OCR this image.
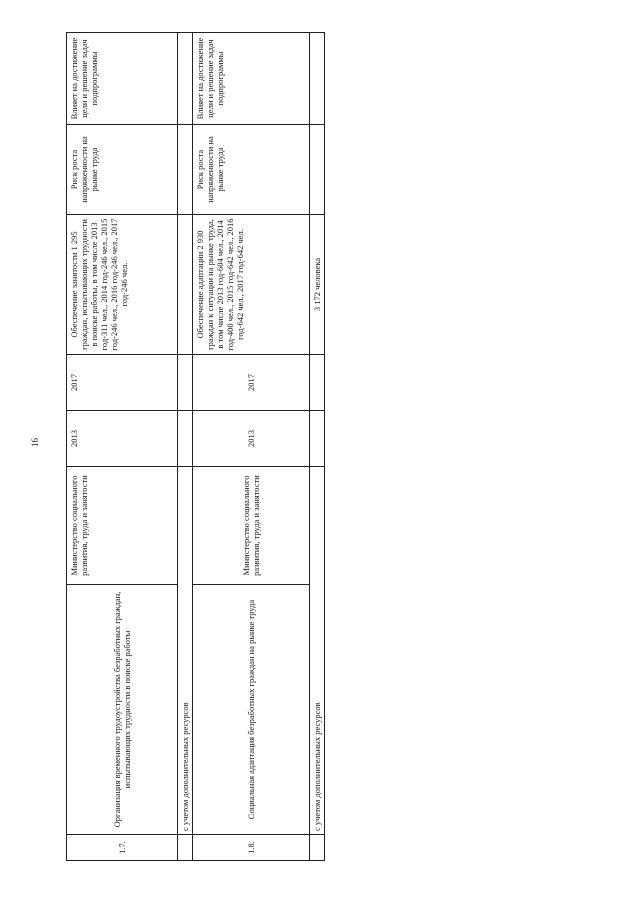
16
1.7.	Организация временного трудоустройства безработных граждан, испытывающих трудности в поиске работы	Министерство социального развития, труда и занятости	2013	2017	Обеспечение занятости 1 295 граждан, испытывающих трудности в поиске работы, в том числе 2013 год-311 чел., 2014 год-246 чел., 2015 год-246 чел., 2016 год-246 чел., 2017 год-246 чел.	Риск роста напряженности на рынке труда	Влияет на достижение цели и решение задач подпрограммы
	с учетом дополнительных ресурсов						
1.8.	Социальная адаптация безработных граждан на рынке труда	Министерство социального развития, труда и занятости	2013	2017	Обеспечение адаптации 2 930 граждан к ситуации на рынке труда, в том числе 2013 год-604 чел., 2014 год-400 чел., 2015 год-642 чел., 2016 год-642 чел., 2017 год-642 чел.	Риск роста напряженности на рынке труда	Влияет на достижение цели и решение задач подпрограммы
	с учетом дополнительных ресурсов				3 172 человека		
